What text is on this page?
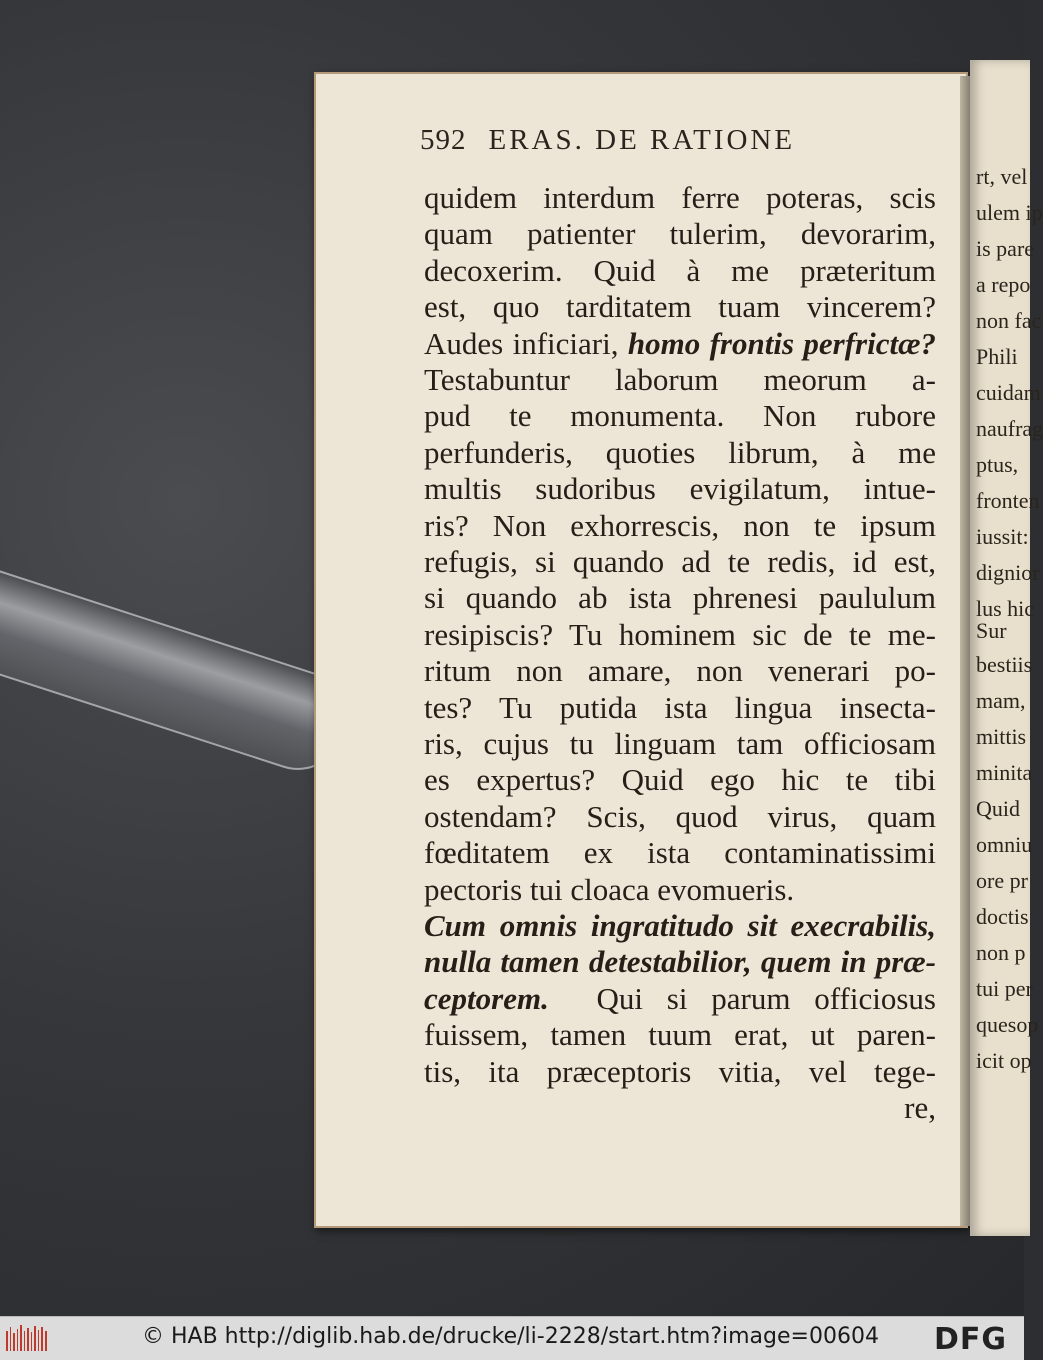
rt, vel
ulem ip
is pare
a repo
non fac
Phili
cuidam
naufrag
ptus,
fronten
iussit:
dignior
lus hic
Sur
bestiis
mam,
mittis
minita
Quid
omniu
ore pr
doctis
non p
tui per
quesop
icit op
592 ERAS. DE RATIONE
quidem interdum ferre poteras, scis
quam patienter tulerim, devorarim,
decoxerim. Quid à me præteritum
est, quo tarditatem tuam vincerem?
Audes inficiari, homo frontis perfrictæ?
Testabuntur laborum meorum a-
pud te monumenta. Non rubore
perfunderis, quoties librum, à me
multis sudoribus evigilatum, intue-
ris? Non exhorrescis, non te ipsum
refugis, si quando ad te redis, id est,
si quando ab ista phrenesi paululum
resipiscis? Tu hominem sic de te me-
ritum non amare, non venerari po-
tes? Tu putida ista lingua insecta-
ris, cujus tu linguam tam officiosam
es expertus? Quid ego hic te tibi
ostendam? Scis, quod virus, quam
fœditatem ex ista contaminatissimi
pectoris tui cloaca evomueris.
Cum omnis ingratitudo sit execrabilis,
nulla tamen detestabilior, quem in præ-
ceptorem.  Qui si parum officiosus
fuissem, tamen tuum erat, ut paren-
tis, ita præceptoris vitia, vel tege-
re,
© HAB http://diglib.hab.de/drucke/li-2228/start.htm?image=00604 DFG
